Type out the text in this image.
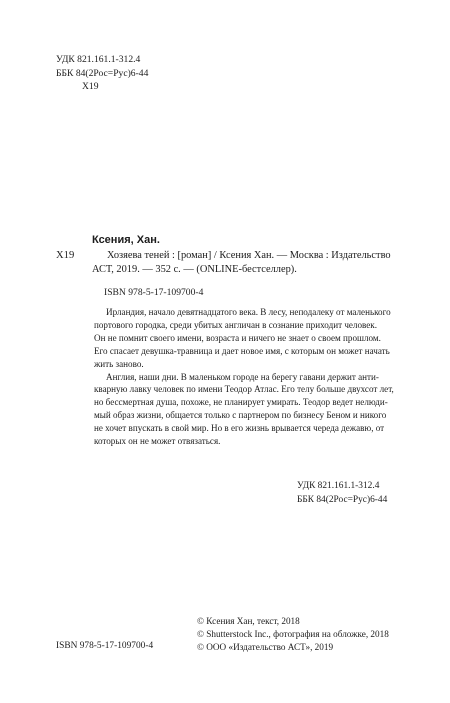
УДК 821.161.1-312.4
ББК 84(2Рос=Рус)6-44
Х19
Х19
Ксения, Хан.
Хозяева теней : [роман] / Ксения Хан. — Москва : Издательство
АСТ, 2019. — 352 с. — (ONLINE-бестселлер).
ISBN 978-5-17-109700-4
Ирландия, начало девятнадцатого века. В лесу, неподалеку от маленького
портового городка, среди убитых англичан в сознание приходит человек.
Он не помнит своего имени, возраста и ничего не знает о своем прошлом.
Его спасает девушка-травница и дает новое имя, с которым он может начать
жить заново.
Англия, наши дни. В маленьком городе на берегу гавани держит анти-
кварную лавку человек по имени Теодор Атлас. Его телу больше двухсот лет,
но бессмертная душа, похоже, не планирует умирать. Теодор ведет нелюди-
мый образ жизни, общается только с партнером по бизнесу Беном и никого
не хочет впускать в свой мир. Но в его жизнь врывается череда дежавю, от
которых он не может отвязаться.
УДК 821.161.1-312.4
ББК 84(2Рос=Рус)6-44
ISBN 978-5-17-109700-4
© Ксения Хан, текст, 2018
© Shutterstock Inc., фотография на обложке, 2018
© ООО «Издательство АСТ», 2019
